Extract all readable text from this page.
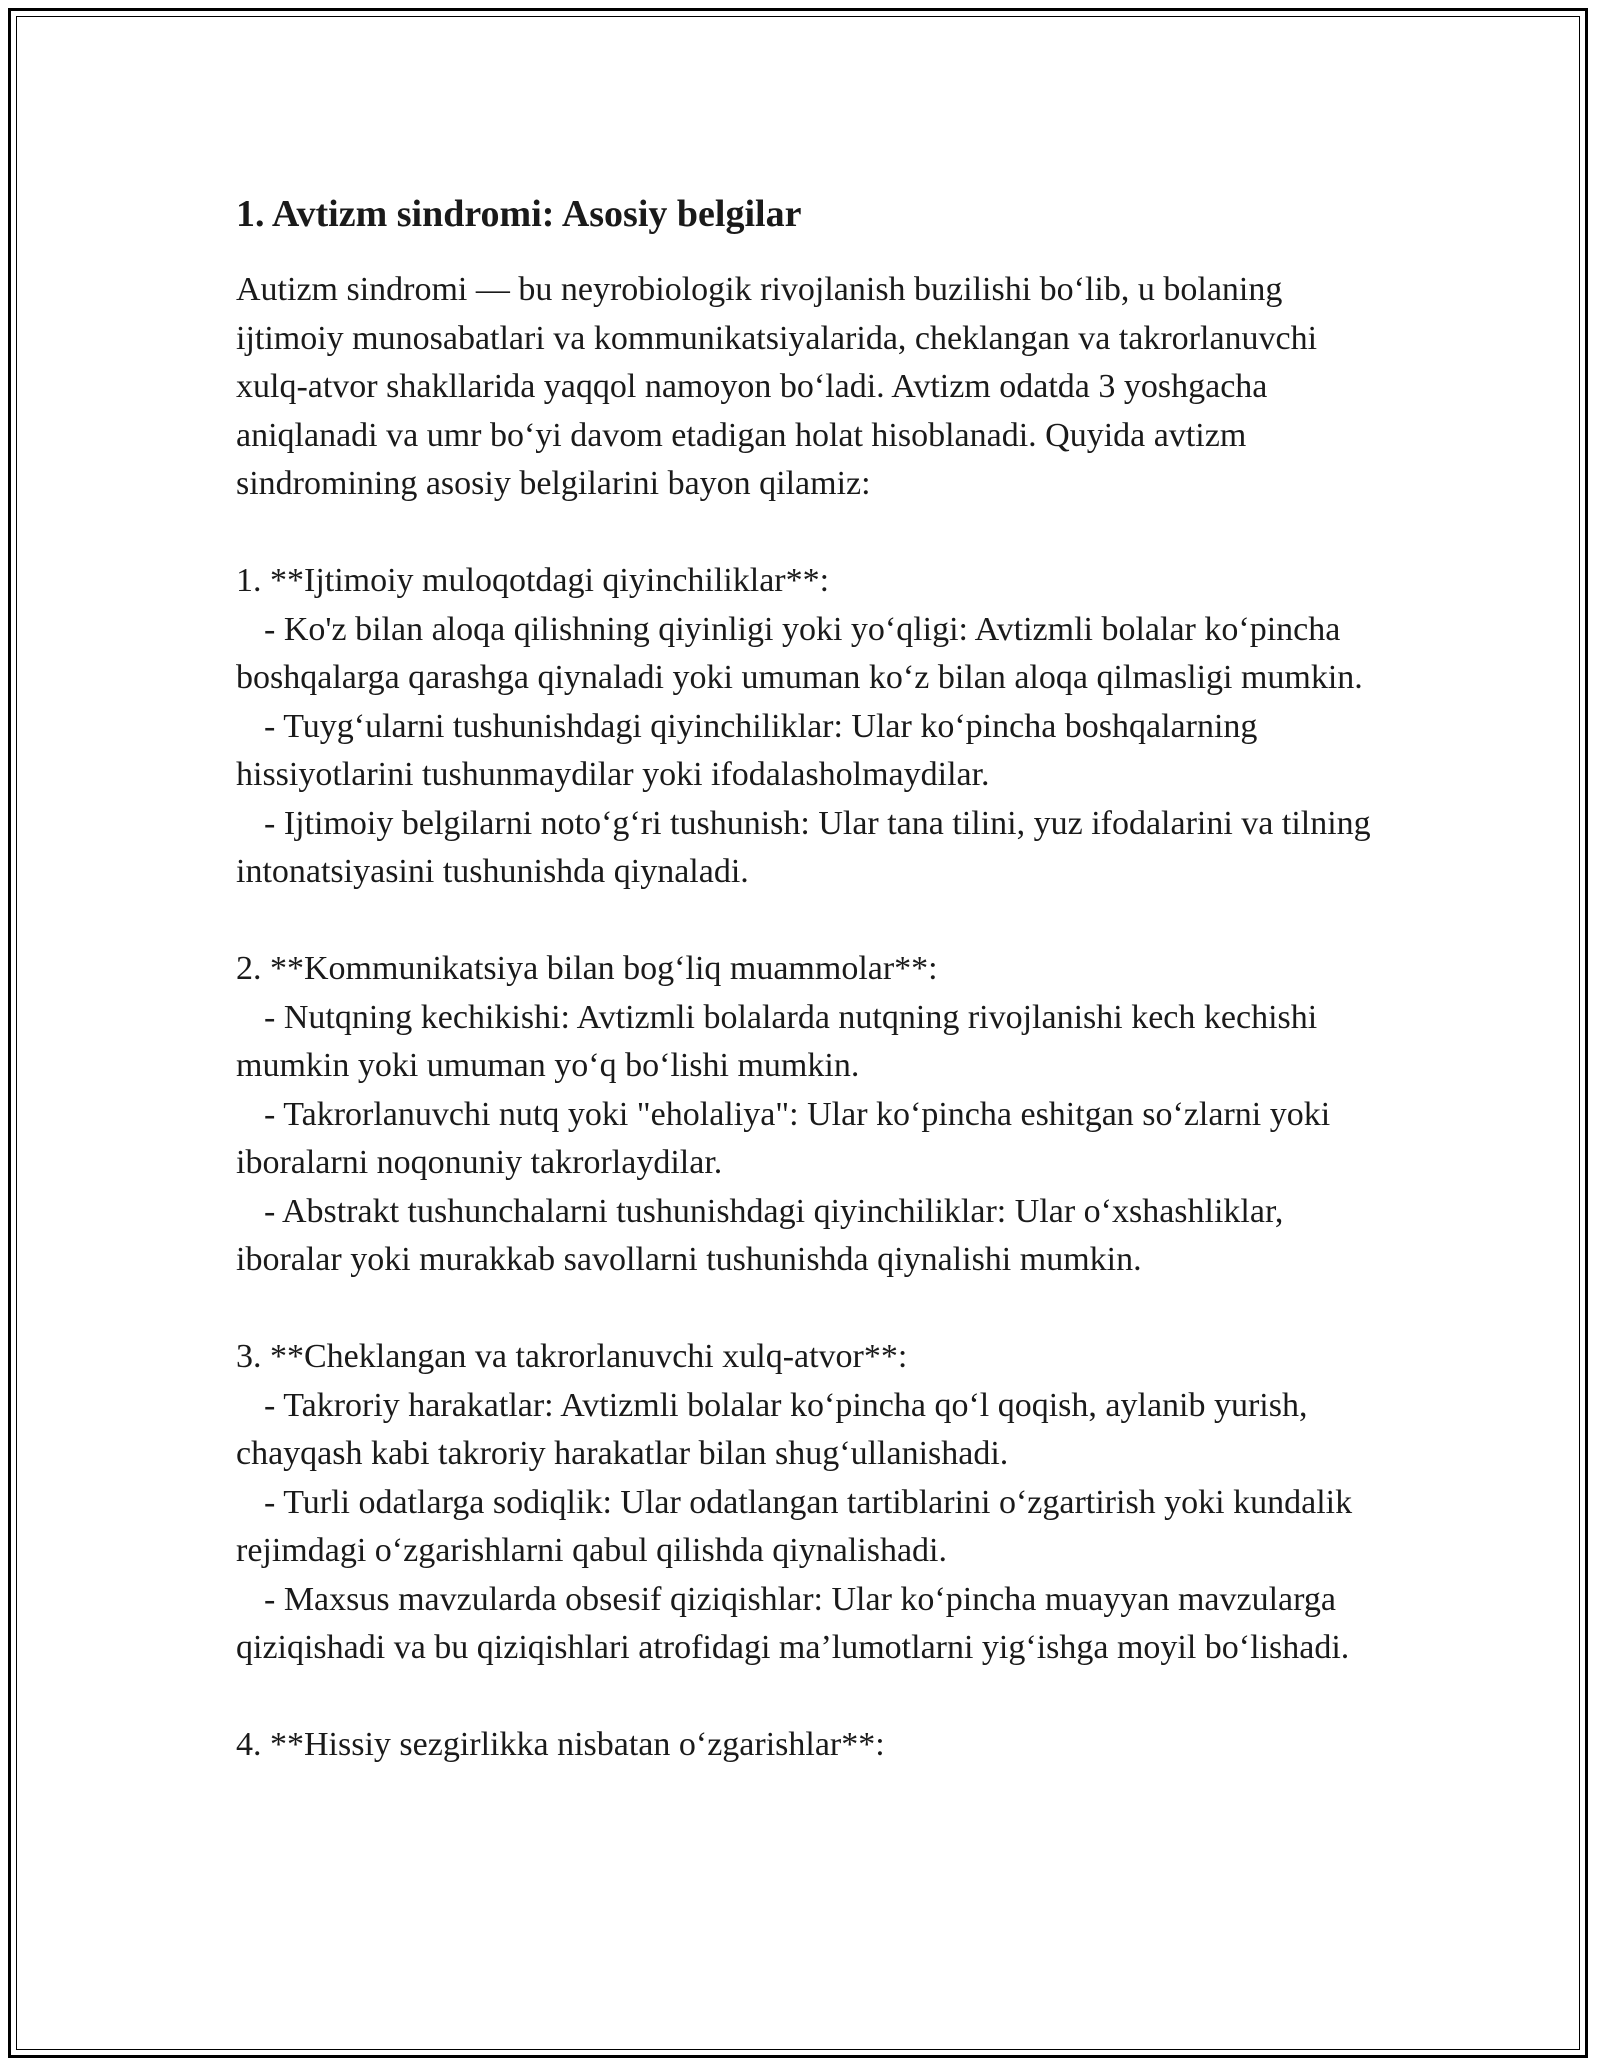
1. Avtizm sindromi: Asosiy belgilar

Autizm sindromi — bu neyrobiologik rivojlanish buzilishi bo‘lib, u bolaning ijtimoiy munosabatlari va kommunikatsiyalarida, cheklangan va takrorlanuvchi xulq-atvor shakllarida yaqqol namoyon bo‘ladi. Avtizm odatda 3 yoshgacha aniqlanadi va umr bo‘yi davom etadigan holat hisoblanadi. Quyida avtizm sindromining asosiy belgilarini bayon qilamiz:

1. **Ijtimoiy muloqotdagi qiyinchiliklar**:

- Ko'z bilan aloqa qilishning qiyinligi yoki yo‘qligi: Avtizmli bolalar ko‘pincha boshqalarga qarashga qiynaladi yoki umuman ko‘z bilan aloqa qilmasligi mumkin.

- Tuyg‘ularni tushunishdagi qiyinchiliklar: Ular ko‘pincha boshqalarning hissiyotlarini tushunmaydilar yoki ifodalasholmaydilar.

- Ijtimoiy belgilarni noto‘g‘ri tushunish: Ular tana tilini, yuz ifodalarini va tilning intonatsiyasini tushunishda qiynaladi.

2. **Kommunikatsiya bilan bog‘liq muammolar**:

- Nutqning kechikishi: Avtizmli bolalarda nutqning rivojlanishi kech kechishi mumkin yoki umuman yo‘q bo‘lishi mumkin.

- Takrorlanuvchi nutq yoki "eholaliya": Ular ko‘pincha eshitgan so‘zlarni yoki iboralarni noqonuniy takrorlaydilar.

- Abstrakt tushunchalarni tushunishdagi qiyinchiliklar: Ular o‘xshashliklar, iboralar yoki murakkab savollarni tushunishda qiynalishi mumkin.

3. **Cheklangan va takrorlanuvchi xulq-atvor**:

- Takroriy harakatlar: Avtizmli bolalar ko‘pincha qo‘l qoqish, aylanib yurish, chayqash kabi takroriy harakatlar bilan shug‘ullanishadi.

- Turli odatlarga sodiqlik: Ular odatlangan tartiblarini o‘zgartirish yoki kundalik rejimdagi o‘zgarishlarni qabul qilishda qiynalishadi.

- Maxsus mavzularda obsesif qiziqishlar: Ular ko‘pincha muayyan mavzularga qiziqishadi va bu qiziqishlari atrofidagi ma’lumotlarni yig‘ishga moyil bo‘lishadi.

4. **Hissiy sezgirlikka nisbatan o‘zgarishlar**:
